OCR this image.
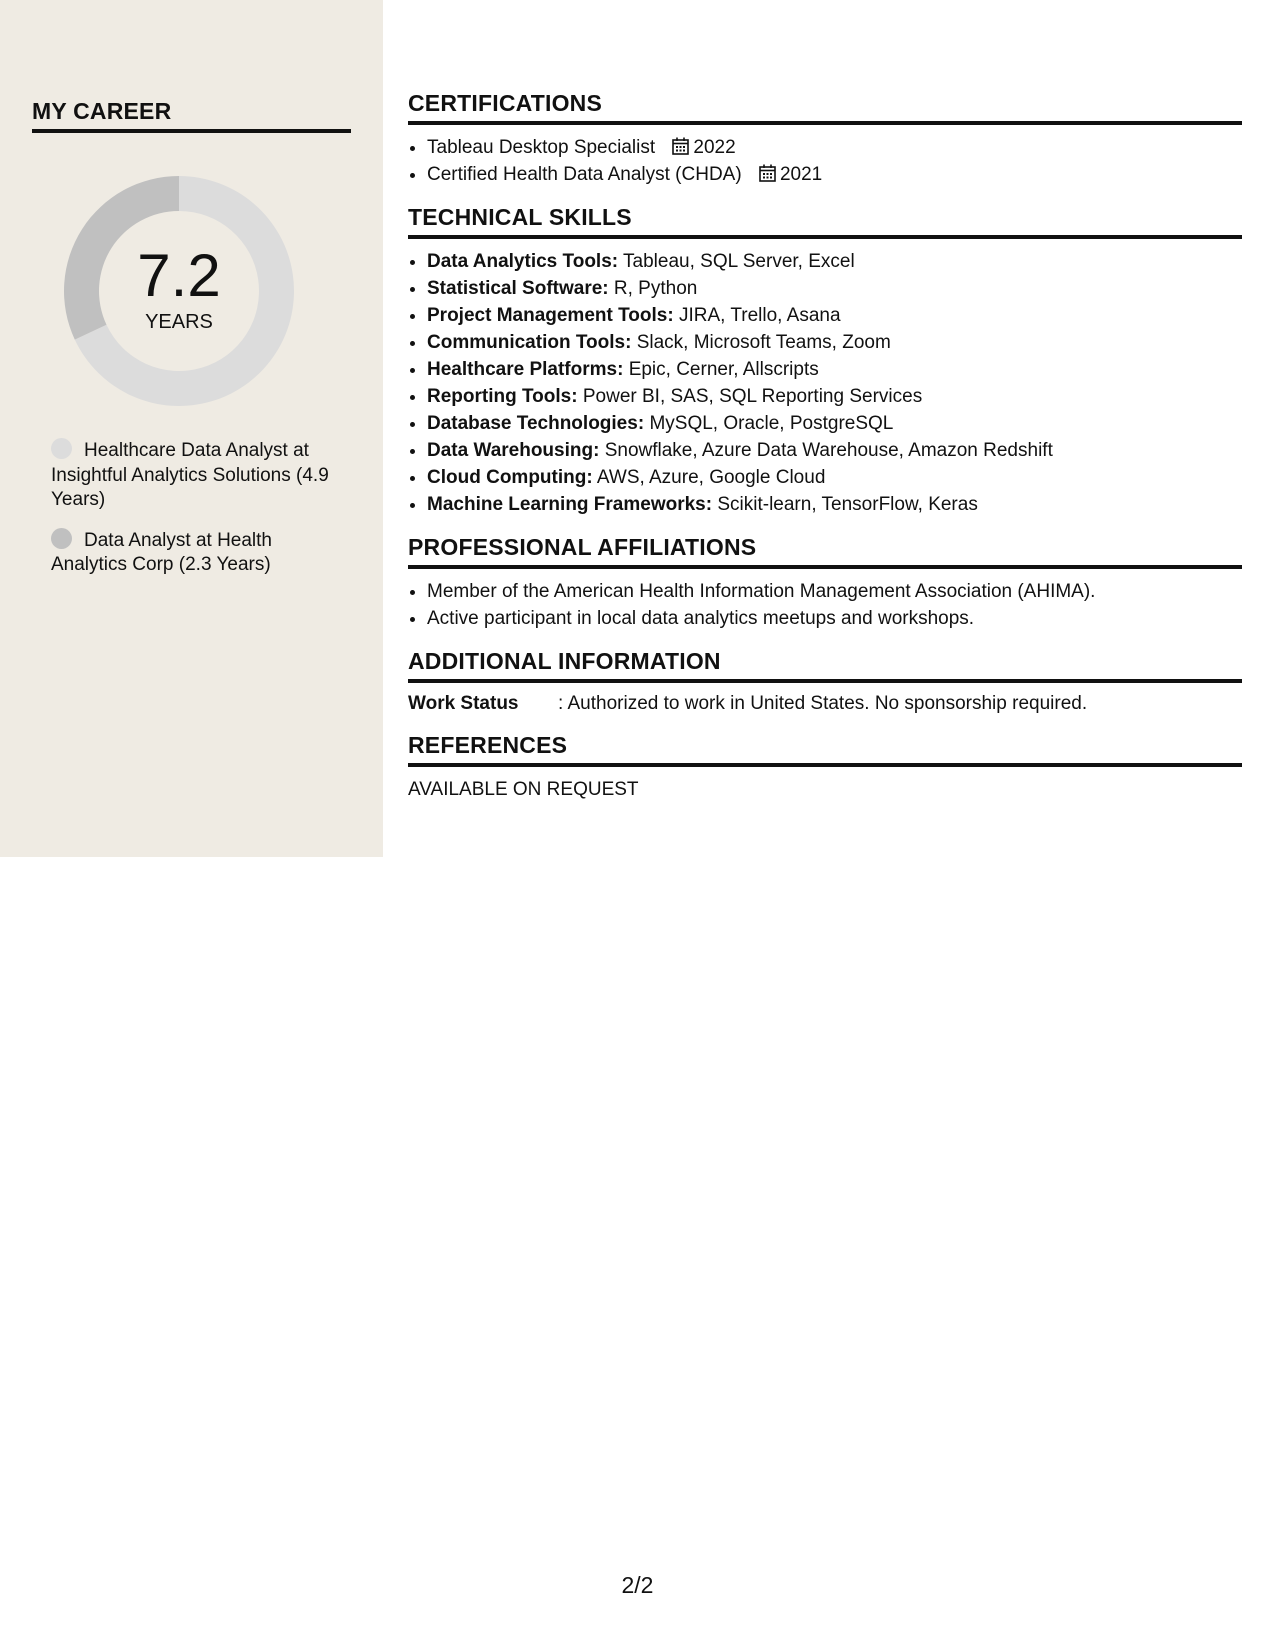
MY CAREER
7.2
YEARS
Healthcare Data Analyst at Insightful Analytics Solutions (4.9 Years)
Data Analyst at Health Analytics Corp (2.3 Years)
CERTIFICATIONS
• Tableau Desktop Specialist 2022
• Certified Health Data Analyst (CHDA) 2021
TECHNICAL SKILLS
• Data Analytics Tools: Tableau, SQL Server, Excel
• Statistical Software: R, Python
• Project Management Tools: JIRA, Trello, Asana
• Communication Tools: Slack, Microsoft Teams, Zoom
• Healthcare Platforms: Epic, Cerner, Allscripts
• Reporting Tools: Power BI, SAS, SQL Reporting Services
• Database Technologies: MySQL, Oracle, PostgreSQL
• Data Warehousing: Snowflake, Azure Data Warehouse, Amazon Redshift
• Cloud Computing: AWS, Azure, Google Cloud
• Machine Learning Frameworks: Scikit-learn, TensorFlow, Keras
PROFESSIONAL AFFILIATIONS
• Member of the American Health Information Management Association (AHIMA).
• Active participant in local data analytics meetups and workshops.
ADDITIONAL INFORMATION
Work Status : Authorized to work in United States. No sponsorship required.
REFERENCES
AVAILABLE ON REQUEST
2/2
